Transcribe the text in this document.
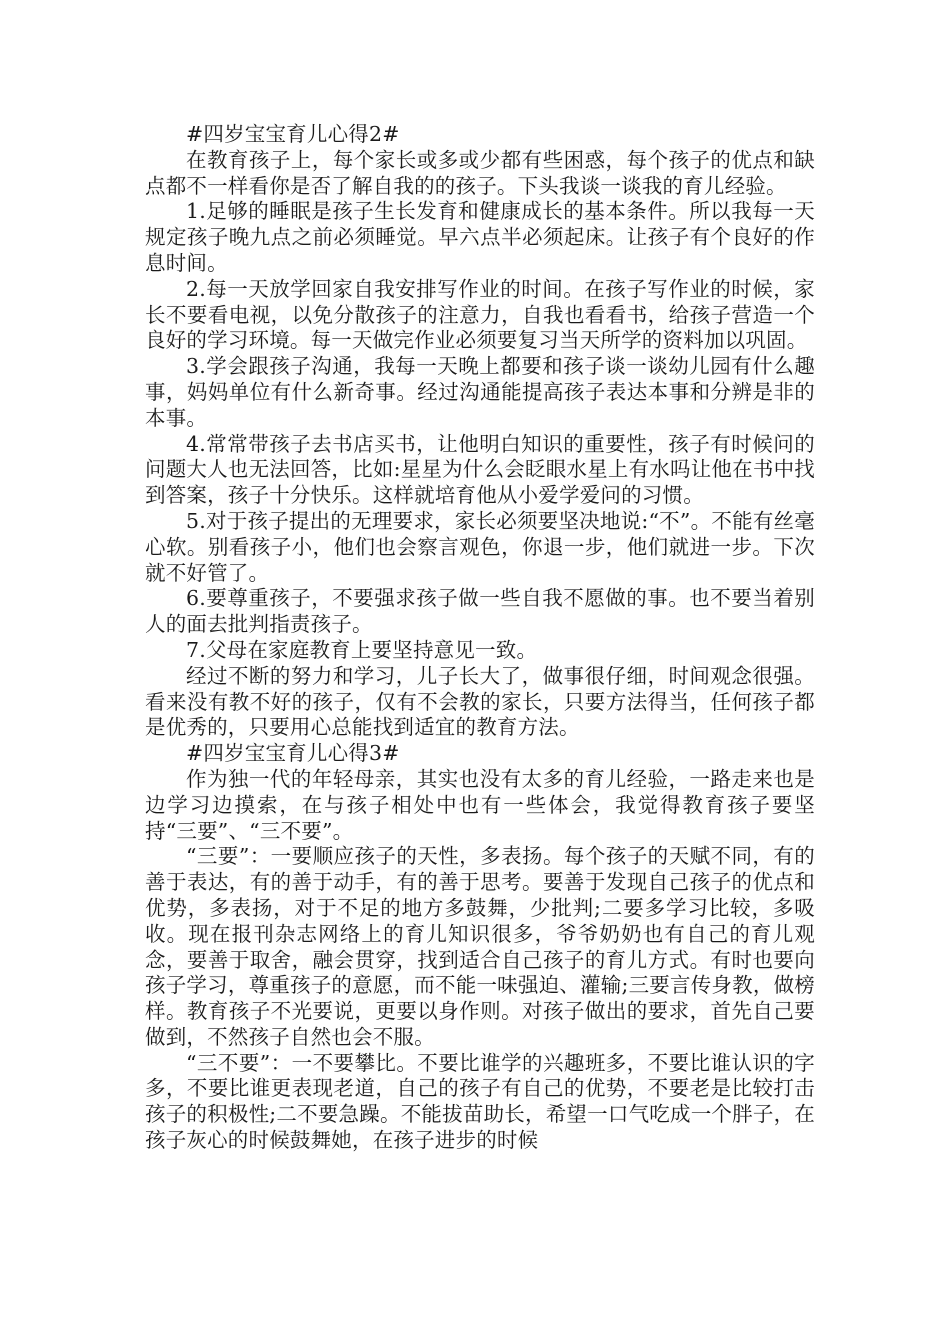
#四岁宝宝育儿心得2#

在教育孩子上，每个家长或多或少都有些困惑，每个孩子的优点和缺点都不一样看你是否了解自我的的孩子。下头我谈一谈我的育儿经验。

1.足够的睡眠是孩子生长发育和健康成长的基本条件。所以我每一天规定孩子晚九点之前必须睡觉。早六点半必须起床。让孩子有个良好的作息时间。

2.每一天放学回家自我安排写作业的时间。在孩子写作业的时候，家长不要看电视，以免分散孩子的注意力，自我也看看书，给孩子营造一个良好的学习环境。每一天做完作业必须要复习当天所学的资料加以巩固。

3.学会跟孩子沟通，我每一天晚上都要和孩子谈一谈幼儿园有什么趣事，妈妈单位有什么新奇事。经过沟通能提高孩子表达本事和分辨是非的本事。

4.常常带孩子去书店买书，让他明白知识的重要性，孩子有时候问的问题大人也无法回答，比如:星星为什么会眨眼水星上有水吗让他在书中找到答案，孩子十分快乐。这样就培育他从小爱学爱问的习惯。

5.对于孩子提出的无理要求，家长必须要坚决地说:“不”。不能有丝毫心软。别看孩子小，他们也会察言观色，你退一步，他们就进一步。下次就不好管了。

6.要尊重孩子，不要强求孩子做一些自我不愿做的事。也不要当着别人的面去批判指责孩子。

7.父母在家庭教育上要坚持意见一致。

经过不断的努力和学习，儿子长大了，做事很仔细，时间观念很强。看来没有教不好的孩子，仅有不会教的家长，只要方法得当，任何孩子都是优秀的，只要用心总能找到适宜的教育方法。

#四岁宝宝育儿心得3#

作为独一代的年轻母亲，其实也没有太多的育儿经验，一路走来也是边学习边摸索，在与孩子相处中也有一些体会，我觉得教育孩子要坚持“三要”、“三不要”。

“三要”：一要顺应孩子的天性，多表扬。每个孩子的天赋不同，有的善于表达，有的善于动手，有的善于思考。要善于发现自己孩子的优点和优势，多表扬，对于不足的地方多鼓舞，少批判;二要多学习比较，多吸收。现在报刊杂志网络上的育儿知识很多，爷爷奶奶也有自己的育儿观念，要善于取舍，融会贯穿，找到适合自己孩子的育儿方式。有时也要向孩子学习，尊重孩子的意愿，而不能一味强迫、灌输;三要言传身教，做榜样。教育孩子不光要说，更要以身作则。对孩子做出的要求，首先自己要做到，不然孩子自然也会不服。

“三不要”：一不要攀比。不要比谁学的兴趣班多，不要比谁认识的字多，不要比谁更表现老道，自己的孩子有自己的优势，不要老是比较打击孩子的积极性;二不要急躁。不能拔苗助长，希望一口气吃成一个胖子，在孩子灰心的时候鼓舞她，在孩子进步的时候
